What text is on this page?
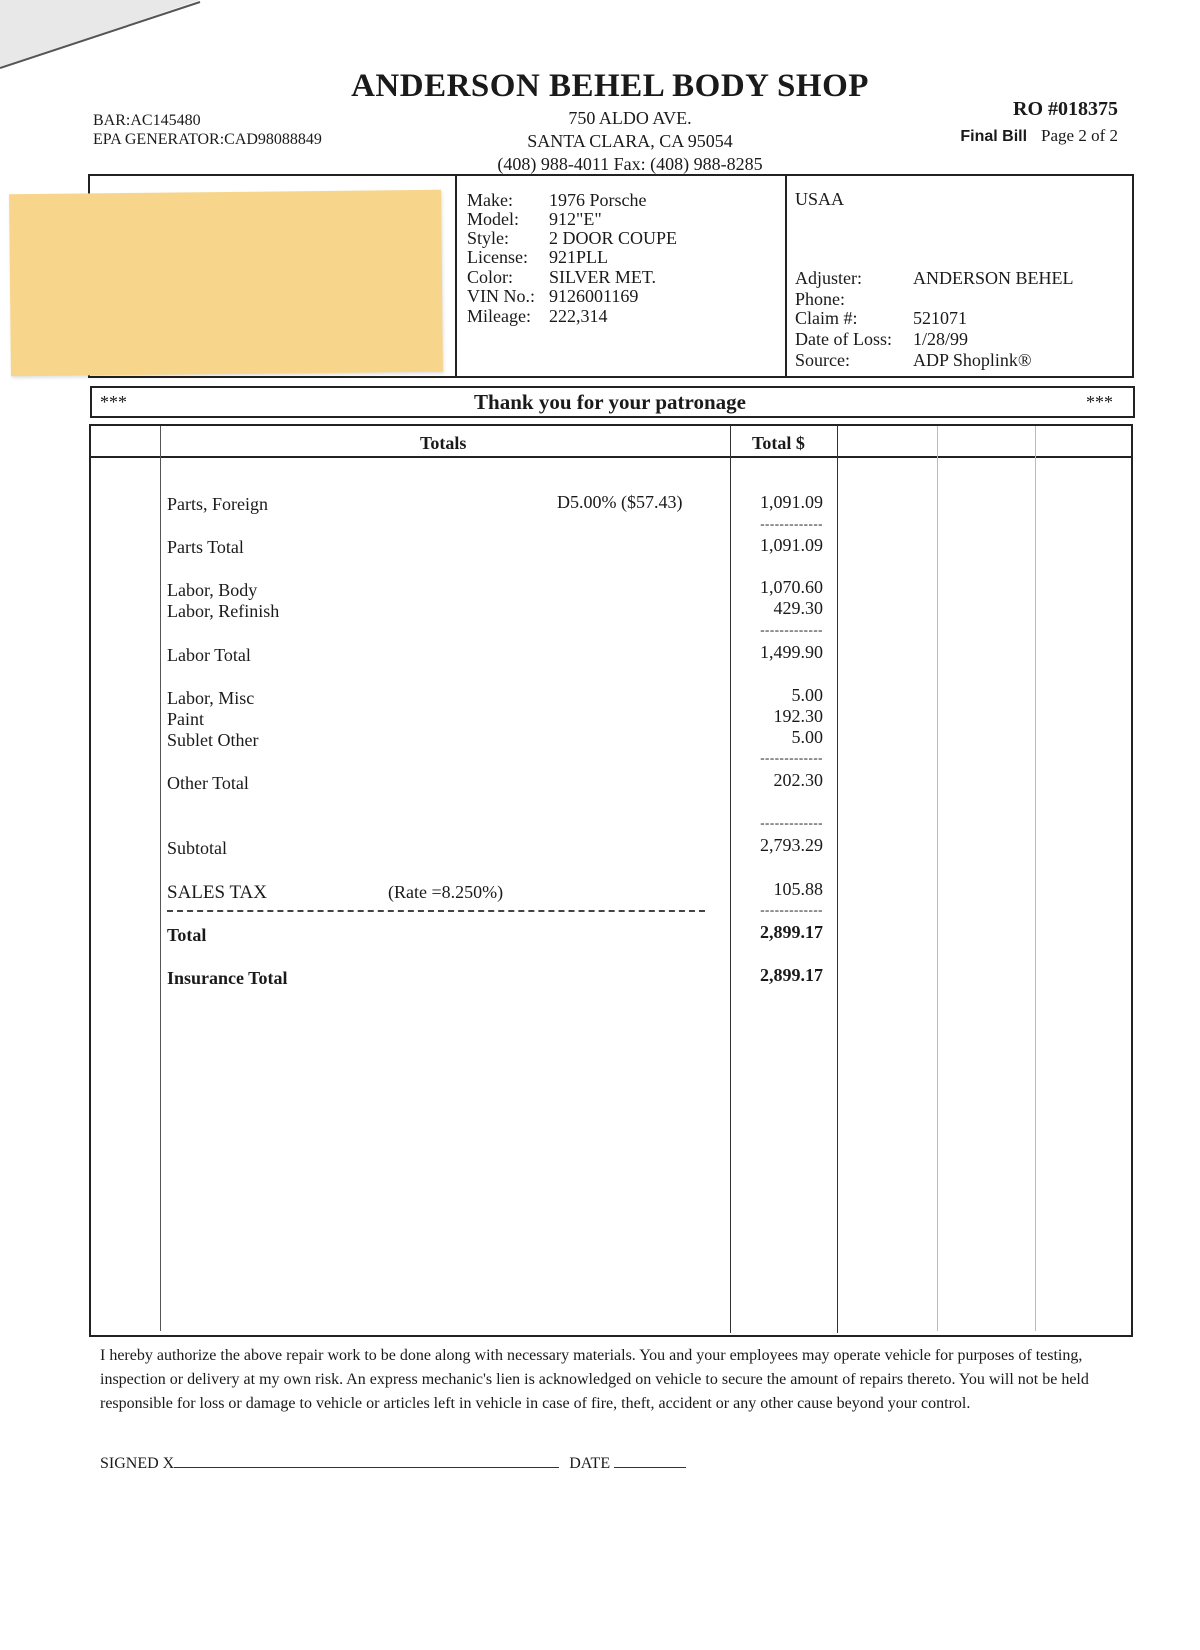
ANDERSON BEHEL BODY SHOP
750 ALDO AVE.
SANTA CLARA, CA 95054
(408) 988-4011 Fax: (408) 988-8285
BAR:AC145480
EPA GENERATOR:CAD98088849
RO #018375
Final Bill Page 2 of 2
Make: 1976 Porsche
Model: 912"E"
Style: 2 DOOR COUPE
License: 921PLL
Color: SILVER MET.
VIN No.: 9126001169
Mileage: 222,314
USAA
Adjuster:	ANDERSON BEHEL
Phone:
Claim #:	521071
Date of Loss: 1/28/99
Source:	ADP Shoplink®
***	***
Thank you for your patronage
Totals	Total $
Parts, Foreign	D5.00% ($57.43)	1,091.09
-------------
Parts Total	1,091.09
Labor, Body	1,070.60
Labor, Refinish	429.30
-------------
Labor Total	1,499.90
Labor, Misc	5.00
Paint	192.30
Sublet Other	5.00
-------------
Other Total	202.30
-------------
Subtotal	2,793.29
SALES TAX	(Rate =8.250%)	105.88
-------------
Total	2,899.17
Insurance Total	2,899.17
I hereby authorize the above repair work to be done along with necessary materials. You and your employees may operate vehicle for purposes of testing, inspection or delivery at my own risk. An express mechanic's lien is acknowledged on vehicle to secure the amount of repairs thereto. You will not be held responsible for loss or damage to vehicle or articles left in vehicle in case of fire, theft, accident or any other cause beyond your control.
SIGNED X	DATE
